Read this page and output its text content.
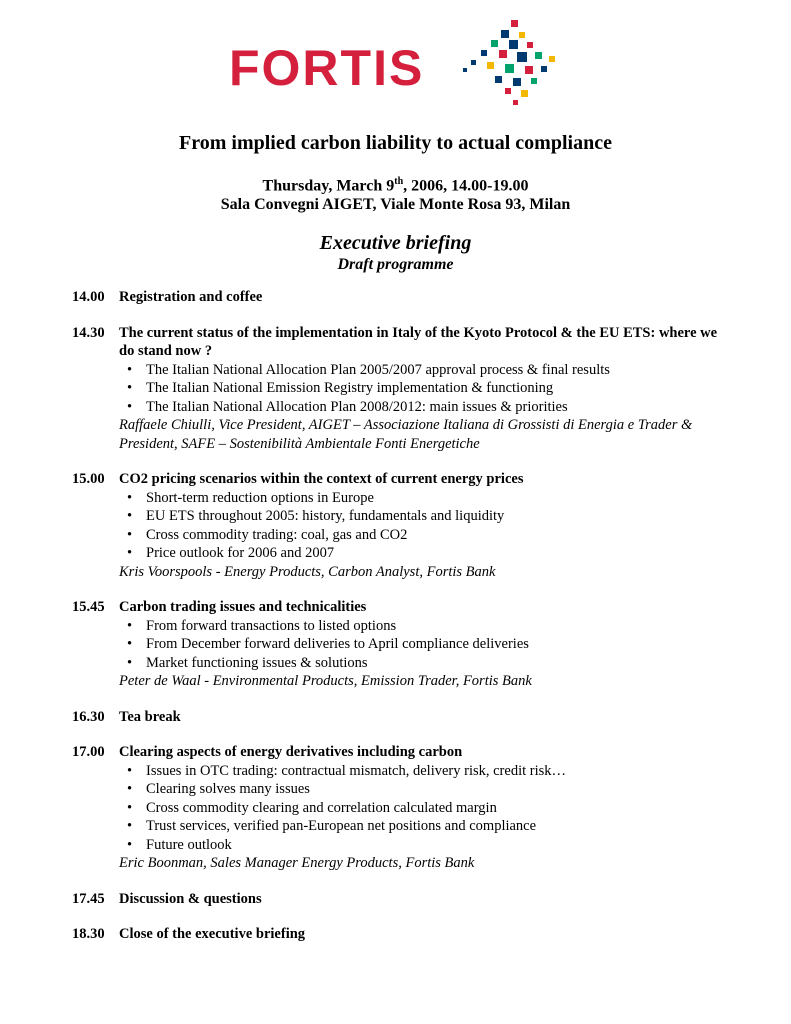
FORTIS
From implied carbon liability to actual compliance
Thursday, March 9th, 2006, 14.00-19.00
Sala Convegni AIGET, Viale Monte Rosa 93, Milan
Executive briefing
Draft programme
14.00 Registration and coffee
14.30 The current status of the implementation in Italy of the Kyoto Protocol & the EU ETS: where we do stand now ?
• The Italian National Allocation Plan 2005/2007 approval process & final results
• The Italian National Emission Registry implementation & functioning
• The Italian National Allocation Plan 2008/2012: main issues & priorities
Raffaele Chiulli, Vice President, AIGET – Associazione Italiana di Grossisti di Energia e Trader & President, SAFE – Sostenibilità Ambientale Fonti Energetiche
15.00 CO2 pricing scenarios within the context of current energy prices
• Short-term reduction options in Europe
• EU ETS throughout 2005: history, fundamentals and liquidity
• Cross commodity trading: coal, gas and CO2
• Price outlook for 2006 and 2007
Kris Voorspools - Energy Products, Carbon Analyst, Fortis Bank
15.45 Carbon trading issues and technicalities
• From forward transactions to listed options
• From December forward deliveries to April compliance deliveries
• Market functioning issues & solutions
Peter de Waal - Environmental Products, Emission Trader, Fortis Bank
16.30 Tea break
17.00 Clearing aspects of energy derivatives including carbon
• Issues in OTC trading: contractual mismatch, delivery risk, credit risk…
• Clearing solves many issues
• Cross commodity clearing and correlation calculated margin
• Trust services, verified pan-European net positions and compliance
• Future outlook
Eric Boonman, Sales Manager Energy Products, Fortis Bank
17.45 Discussion & questions
18.30 Close of the executive briefing
